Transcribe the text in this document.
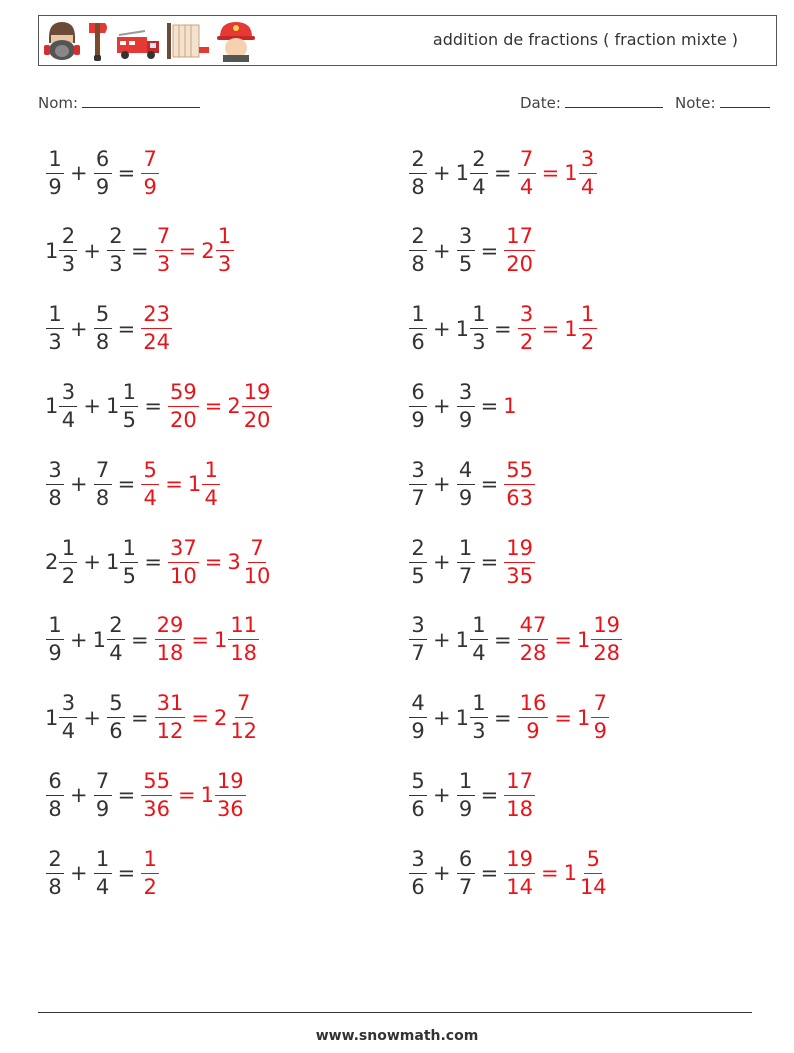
addition de fractions ( fraction mixte )
Nom:	Date:	Note:
$\frac{1}{9} + \frac{6}{9} = \frac{7}{9}$	$\frac{2}{8} + 1 \frac{2}{4} = \frac{7}{4} = 1 \frac{3}{4}$
$1 \frac{2}{3} + \frac{2}{3} = \frac{7}{3} = 2 \frac{1}{3}$	$\frac{2}{8} + \frac{3}{5} = \frac{17}{20}$
$\frac{1}{3} + \frac{5}{8} = \frac{23}{24}$	$\frac{1}{6} + 1 \frac{1}{3} = \frac{3}{2} = 1 \frac{1}{2}$
$1 \frac{3}{4} + 1 \frac{1}{5} = \frac{59}{20} = 2 \frac{19}{20}$	$\frac{6}{9} + \frac{3}{9} = 1$
$\frac{3}{8} + \frac{7}{8} = \frac{5}{4} = 1 \frac{1}{4}$	$\frac{3}{7} + \frac{4}{9} = \frac{55}{63}$
$2 \frac{1}{2} + 1 \frac{1}{5} = \frac{37}{10} = 3 \frac{7}{10}$	$\frac{2}{5} + \frac{1}{7} = \frac{19}{35}$
$\frac{1}{9} + 1 \frac{2}{4} = \frac{29}{18} = 1 \frac{11}{18}$	$\frac{3}{7} + 1 \frac{1}{4} = \frac{47}{28} = 1 \frac{19}{28}$
$1 \frac{3}{4} + \frac{5}{6} = \frac{31}{12} = 2 \frac{7}{12}$	$\frac{4}{9} + 1 \frac{1}{3} = \frac{16}{9} = 1 \frac{7}{9}$
$\frac{6}{8} + \frac{7}{9} = \frac{55}{36} = 1 \frac{19}{36}$	$\frac{5}{6} + \frac{1}{9} = \frac{17}{18}$
$\frac{2}{8} + \frac{1}{4} = \frac{1}{2}$	$\frac{3}{6} + \frac{6}{7} = \frac{19}{14} = 1 \frac{5}{14}$
www.snowmath.com
